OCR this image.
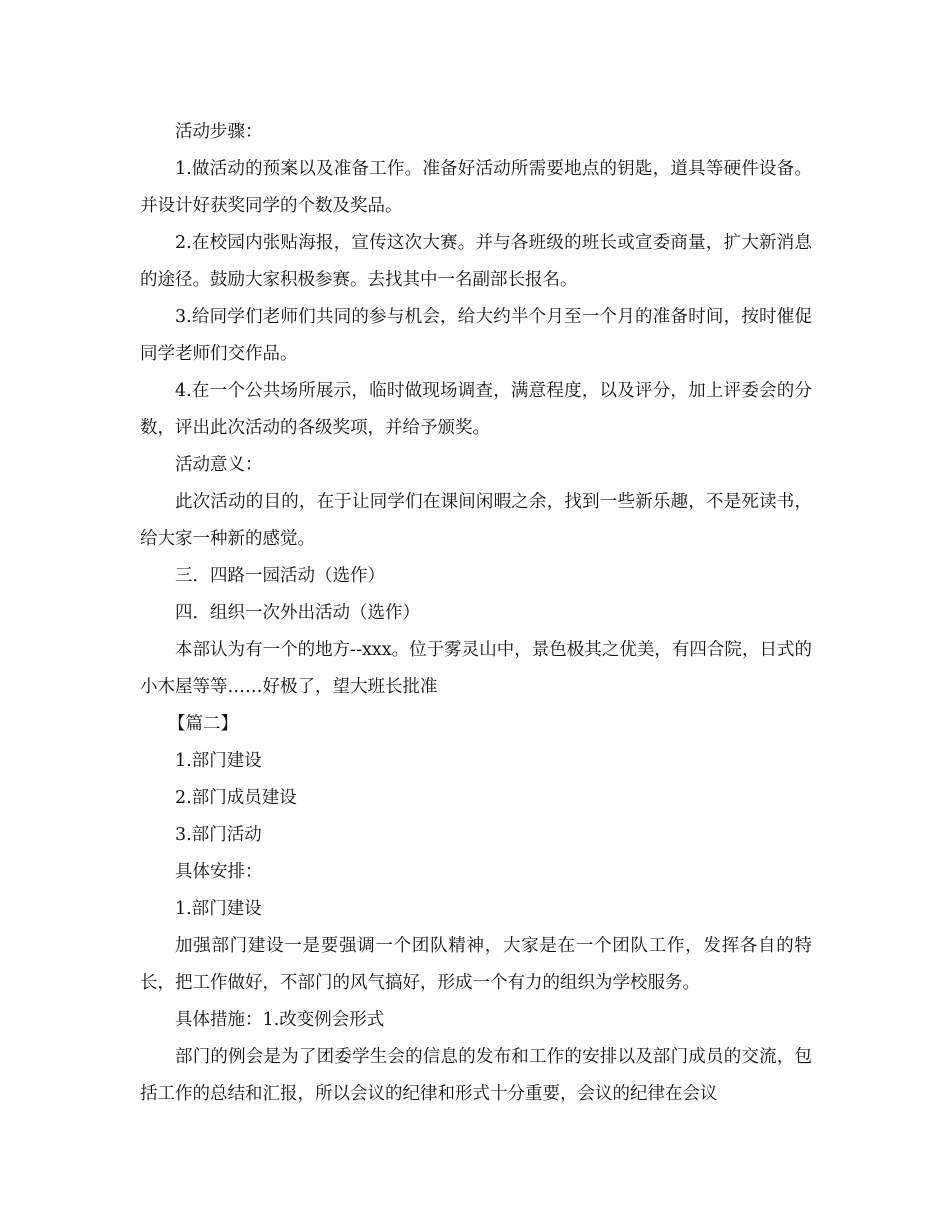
活动步骤：

1.做活动的预案以及准备工作。准备好活动所需要地点的钥匙，道具等硬件设备。并设计好获奖同学的个数及奖品。

2.在校园内张贴海报，宣传这次大赛。并与各班级的班长或宣委商量，扩大新消息的途径。鼓励大家积极参赛。去找其中一名副部长报名。

3.给同学们老师们共同的参与机会，给大约半个月至一个月的准备时间，按时催促同学老师们交作品。

4.在一个公共场所展示，临时做现场调查，满意程度，以及评分，加上评委会的分数，评出此次活动的各级奖项，并给予颁奖。

活动意义：

此次活动的目的，在于让同学们在课间闲暇之余，找到一些新乐趣，不是死读书，给大家一种新的感觉。

三．四路一园活动（选作）

四．组织一次外出活动（选作）

本部认为有一个的地方--xxx。位于雾灵山中，景色极其之优美，有四合院，日式的小木屋等等……好极了，望大班长批准

【篇二】

1.部门建设

2.部门成员建设

3.部门活动

具体安排：

1.部门建设

加强部门建设一是要强调一个团队精神，大家是在一个团队工作，发挥各自的特长，把工作做好，不部门的风气搞好，形成一个有力的组织为学校服务。

具体措施：1.改变例会形式

部门的例会是为了团委学生会的信息的发布和工作的安排以及部门成员的交流，包括工作的总结和汇报，所以会议的纪律和形式十分重要，会议的纪律在会议
